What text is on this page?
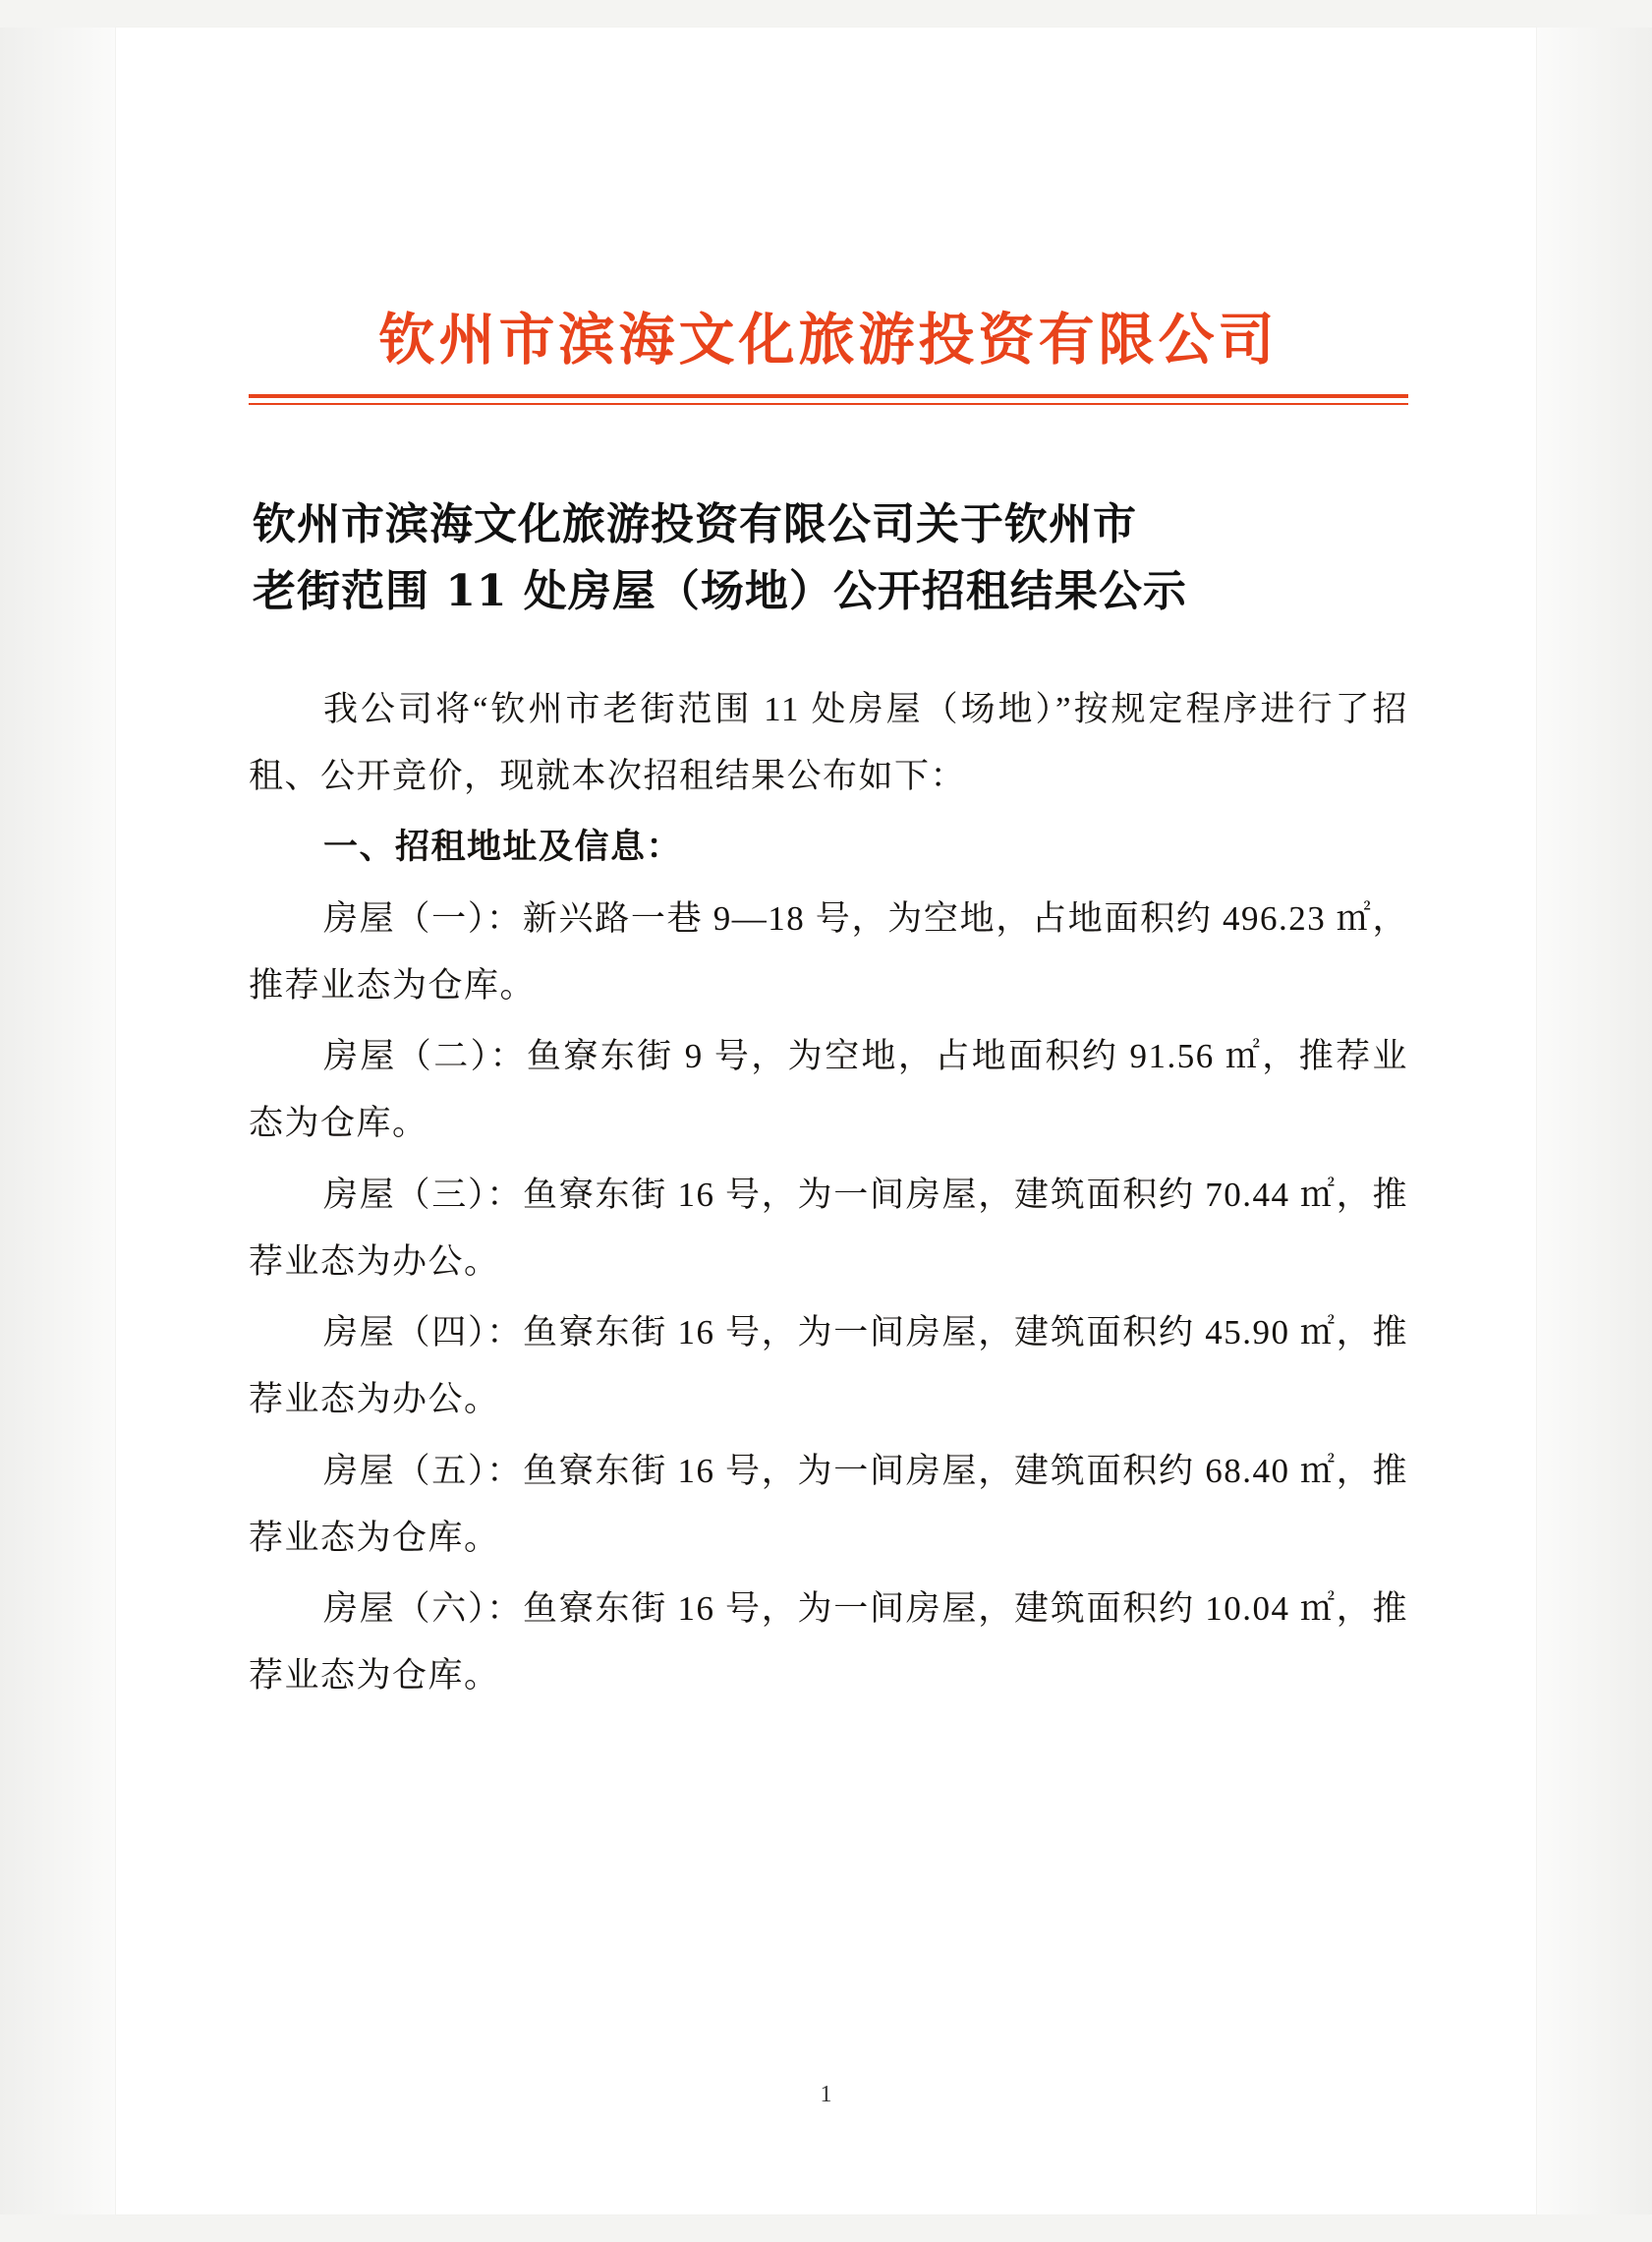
钦州市滨海文化旅游投资有限公司
钦州市滨海文化旅游投资有限公司关于钦州市
老街范围 11 处房屋（场地）公开招租结果公示

我公司将“钦州市老街范围 11 处房屋（场地）”按规定程序进行了招租、公开竞价，现就本次招租结果公布如下：

一、招租地址及信息：

房屋（一）：新兴路一巷 9—18 号，为空地，占地面积约 496.23 ㎡，推荐业态为仓库。

房屋（二）：鱼寮东街 9 号，为空地，占地面积约 91.56 ㎡，推荐业态为仓库。

房屋（三）：鱼寮东街 16 号，为一间房屋，建筑面积约 70.44 ㎡，推荐业态为办公。

房屋（四）：鱼寮东街 16 号，为一间房屋，建筑面积约 45.90 ㎡，推荐业态为办公。

房屋（五）：鱼寮东街 16 号，为一间房屋，建筑面积约 68.40 ㎡，推荐业态为仓库。

房屋（六）：鱼寮东街 16 号，为一间房屋，建筑面积约 10.04 ㎡，推荐业态为仓库。

1
